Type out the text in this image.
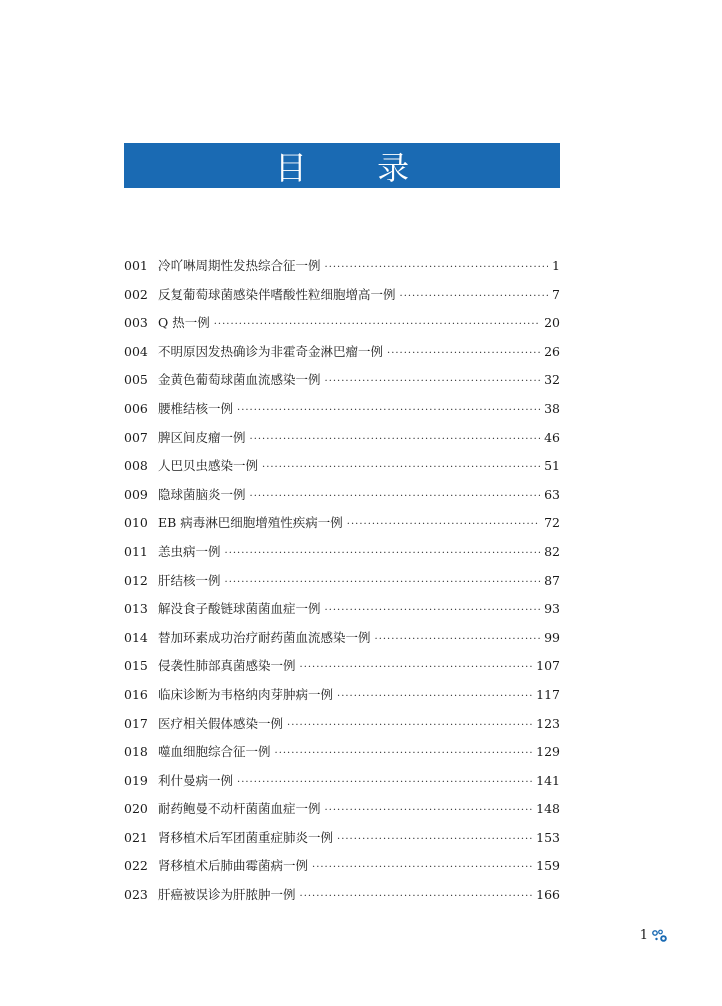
目 录
001 冷吖啉周期性发热综合征一例 ·····	1
002 反复葡萄球菌感染伴嗜酸性粒细胞增高一例 ·····	7
003 Q 热一例 ·····	20
004 不明原因发热确诊为非霍奇金淋巴瘤一例 ·····	26
005 金黄色葡萄球菌血流感染一例 ·····	32
006 腰椎结核一例 ·····	38
007 脾区间皮瘤一例 ·····	46
008 人巴贝虫感染一例 ·····	51
009 隐球菌脑炎一例 ·····	63
010 EB 病毒淋巴细胞增殖性疾病一例 ·····	72
011 恙虫病一例 ·····	82
012 肝结核一例 ·····	87
013 解没食子酸链球菌菌血症一例 ·····	93
014 替加环素成功治疗耐药菌血流感染一例 ·····	99
015 侵袭性肺部真菌感染一例 ·····	107
016 临床诊断为韦格纳肉芽肿病一例 ·····	117
017 医疗相关假体感染一例 ·····	123
018 噬血细胞综合征一例 ·····	129
019 利什曼病一例 ·····	141
020 耐药鲍曼不动杆菌菌血症一例 ·····	148
021 肾移植术后军团菌重症肺炎一例 ·····	153
022 肾移植术后肺曲霉菌病一例 ·····	159
023 肝癌被误诊为肝脓肿一例 ·····	166
1
